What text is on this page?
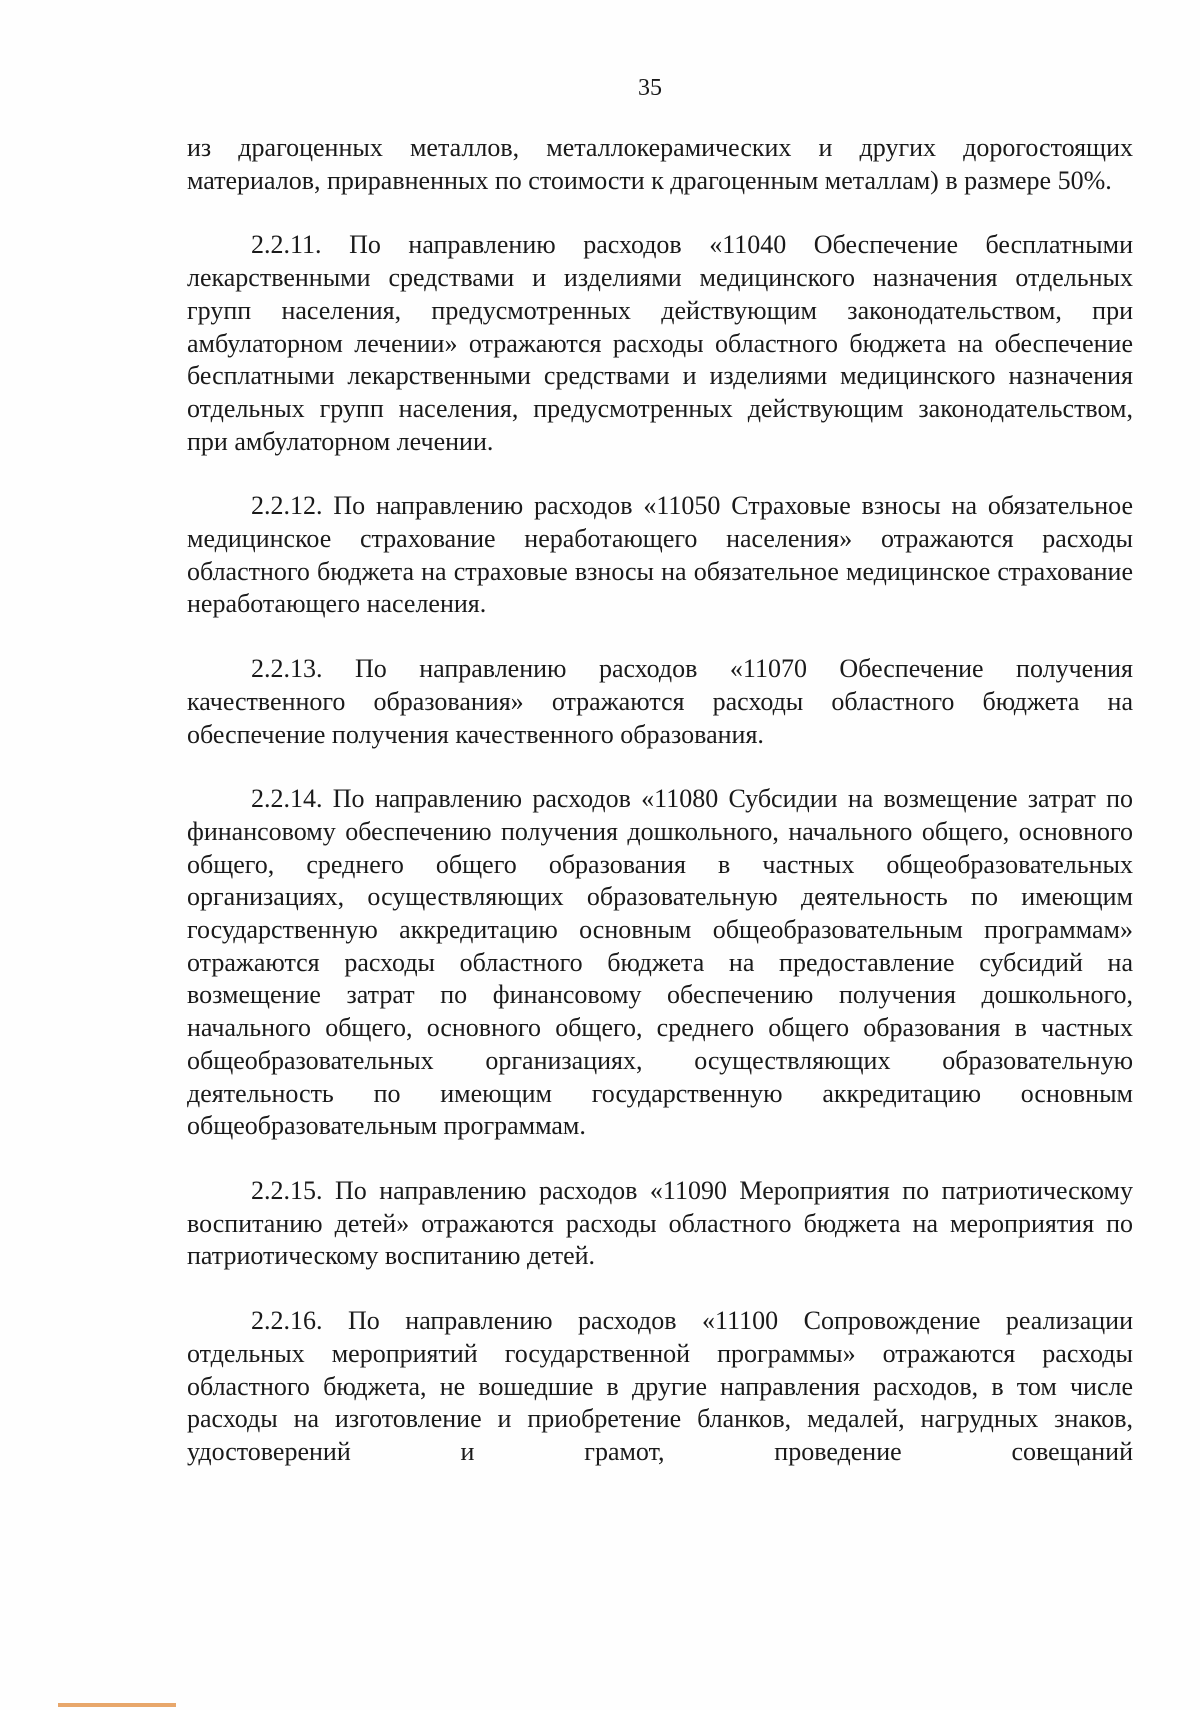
35

из драгоценных металлов, металлокерамических и других дорогостоящих материалов, приравненных по стоимости к драгоценным металлам) в размере 50%.

2.2.11. По направлению расходов «11040 Обеспечение бесплатными лекарственными средствами и изделиями медицинского назначения отдельных групп населения, предусмотренных действующим законодательством, при амбулаторном лечении» отражаются расходы областного бюджета на обеспечение бесплатными лекарственными средствами и изделиями медицинского назначения отдельных групп населения, предусмотренных действующим законодательством, при амбулаторном лечении.

2.2.12. По направлению расходов «11050 Страховые взносы на обязательное медицинское страхование неработающего населения» отражаются расходы областного бюджета на страховые взносы на обязательное медицинское страхование неработающего населения.

2.2.13. По направлению расходов «11070 Обеспечение получения качественного образования» отражаются расходы областного бюджета на обеспечение получения качественного образования.

2.2.14. По направлению расходов «11080 Субсидии на возмещение затрат по финансовому обеспечению получения дошкольного, начального общего, основного общего, среднего общего образования в частных общеобразовательных организациях, осуществляющих образовательную деятельность по имеющим государственную аккредитацию основным общеобразовательным программам» отражаются расходы областного бюджета на предоставление субсидий на возмещение затрат по финансовому обеспечению получения дошкольного, начального общего, основного общего, среднего общего образования в частных общеобразовательных организациях, осуществляющих образовательную деятельность по имеющим государственную аккредитацию основным общеобразовательным программам.

2.2.15. По направлению расходов «11090 Мероприятия по патриотическому воспитанию детей» отражаются расходы областного бюджета на мероприятия по патриотическому воспитанию детей.

2.2.16. По направлению расходов «11100 Сопровождение реализации отдельных мероприятий государственной программы» отражаются расходы областного бюджета, не вошедшие в другие направления расходов, в том числе расходы на изготовление и приобретение бланков, медалей, нагрудных знаков, удостоверений и грамот, проведение совещаний
